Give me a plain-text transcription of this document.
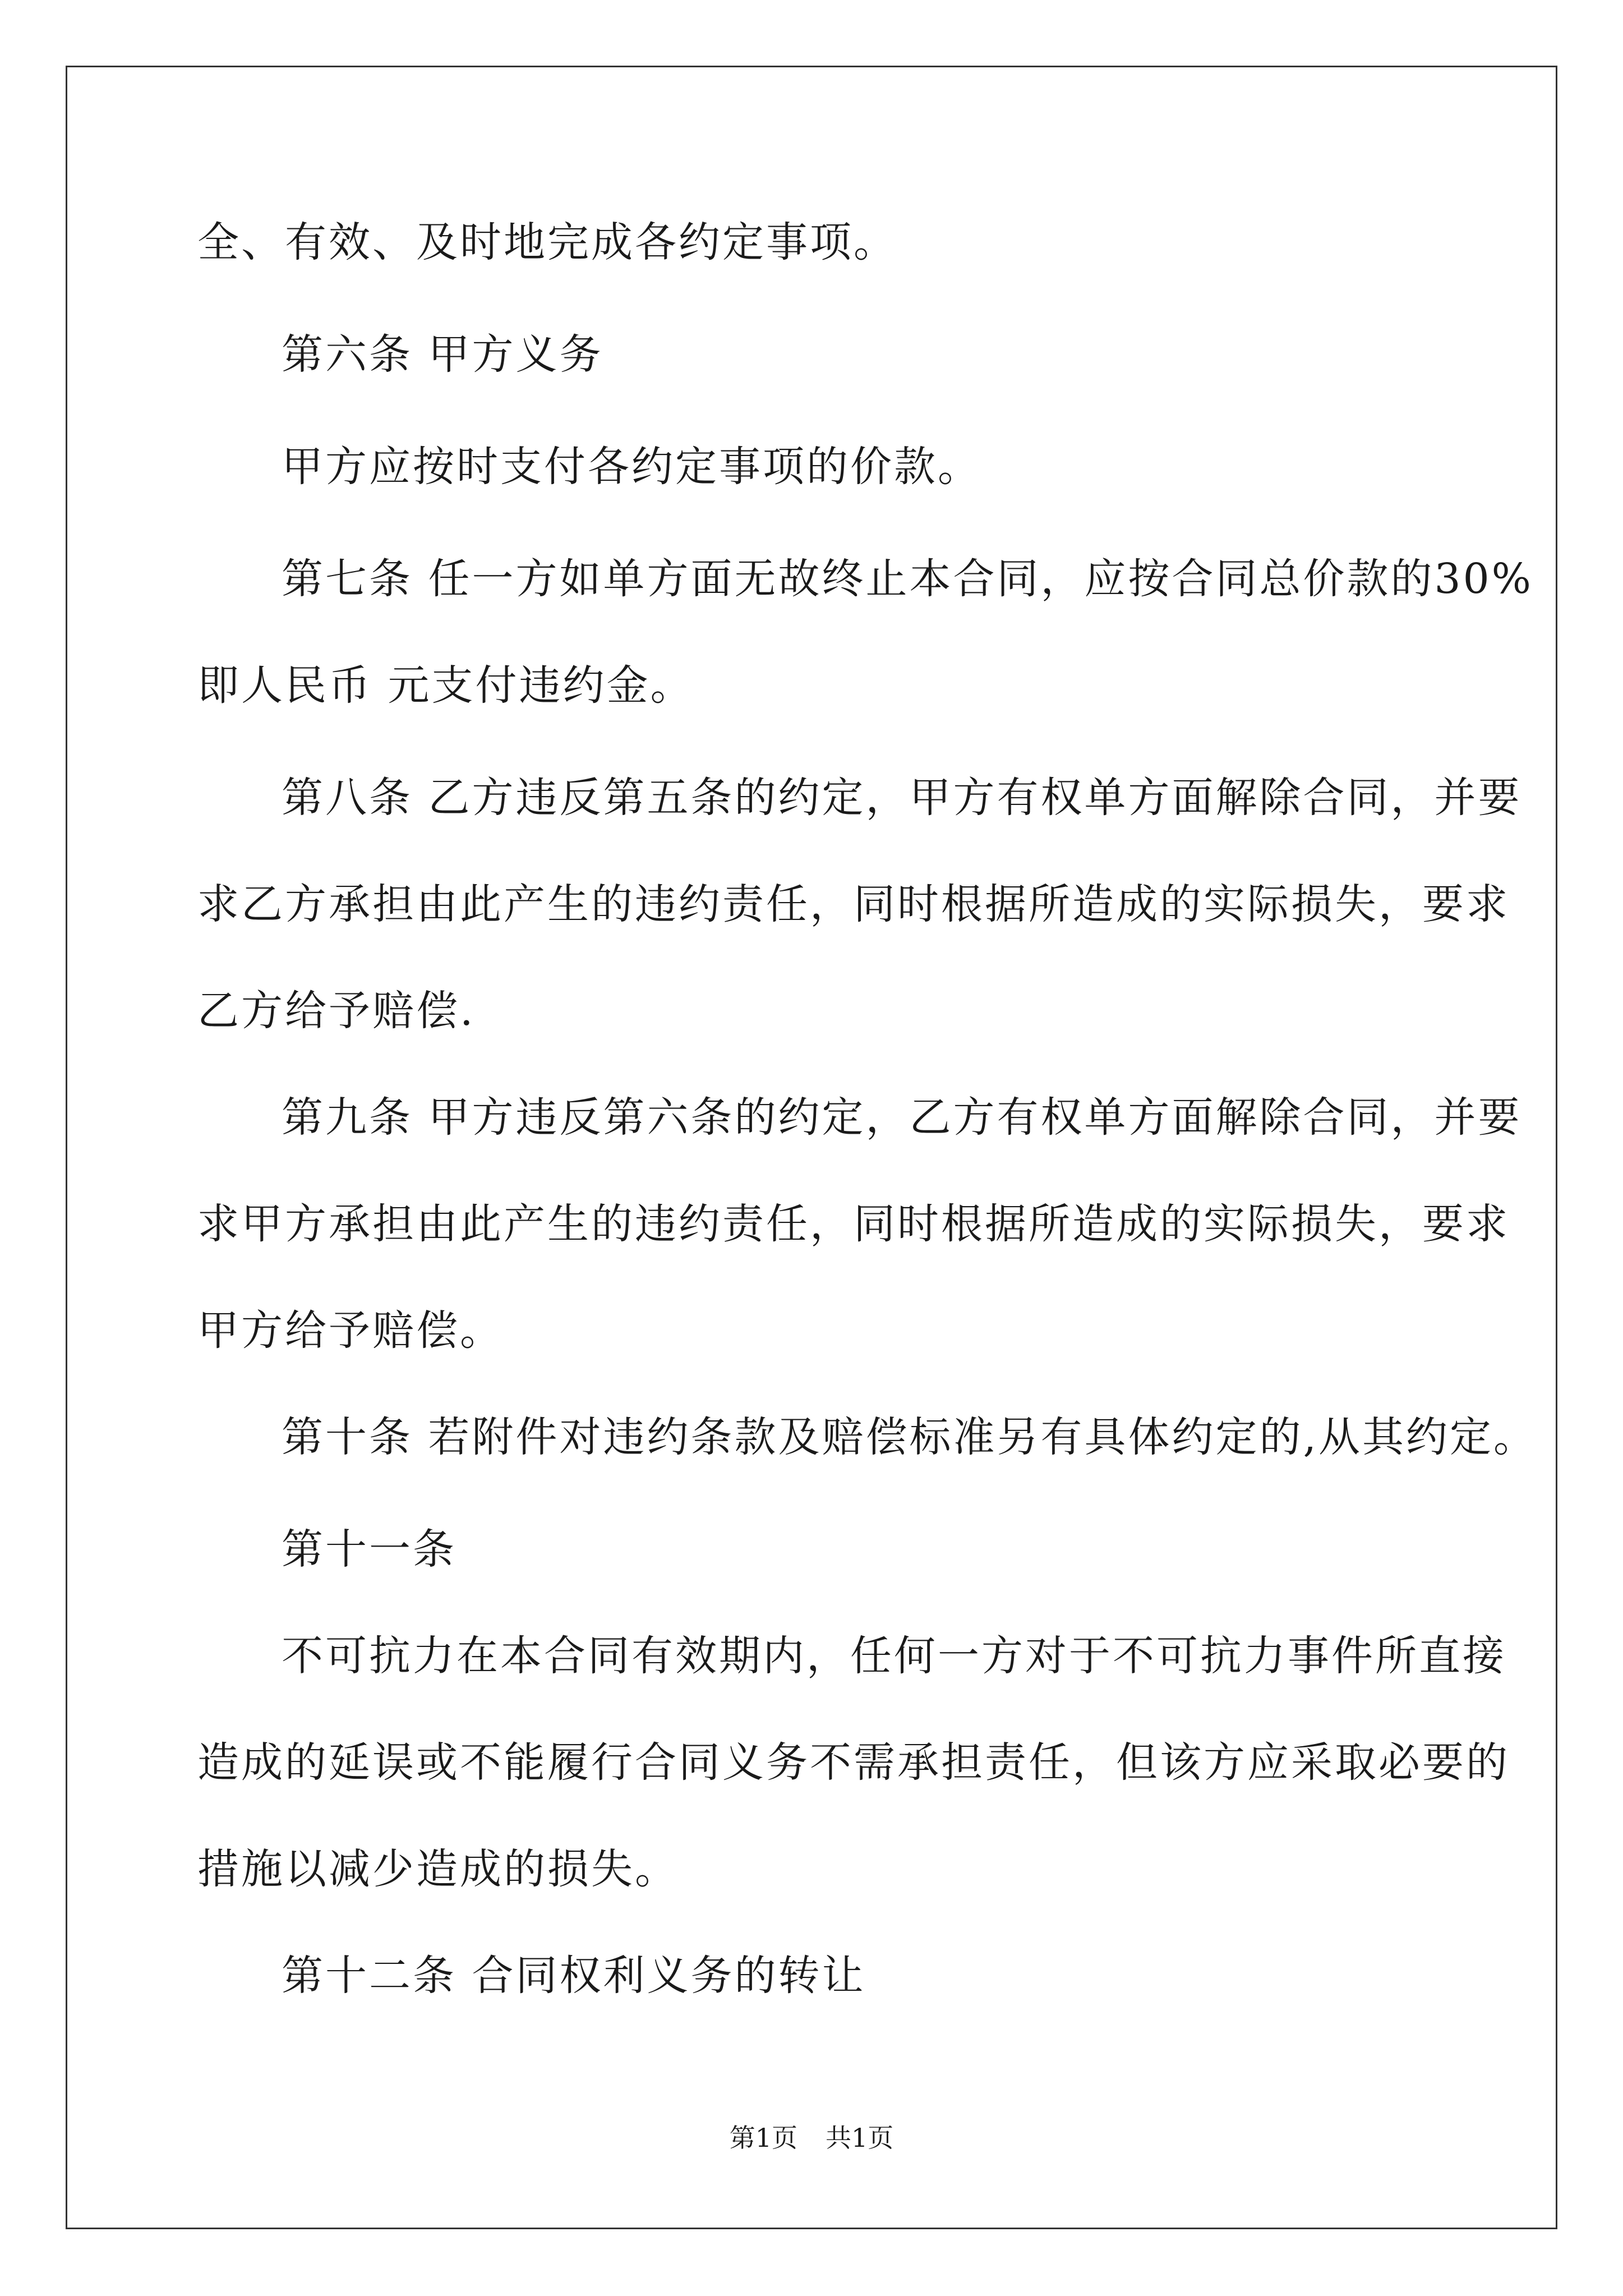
全、有效、及时地完成各约定事项。
第六条 甲方义务
甲方应按时支付各约定事项的价款。
第七条 任一方如单方面无故终止本合同，应按合同总价款的30%
即人民币 元支付违约金。
第八条 乙方违反第五条的约定，甲方有权单方面解除合同，并要
求乙方承担由此产生的违约责任，同时根据所造成的实际损失，要求
乙方给予赔偿.
第九条 甲方违反第六条的约定，乙方有权单方面解除合同，并要
求甲方承担由此产生的违约责任，同时根据所造成的实际损失，要求
甲方给予赔偿。
第十条 若附件对违约条款及赔偿标准另有具体约定的,从其约定。
第十一条
不可抗力在本合同有效期内，任何一方对于不可抗力事件所直接
造成的延误或不能履行合同义务不需承担责任，但该方应采取必要的
措施以减少造成的损失。
第十二条 合同权利义务的转让
第1页 共1页
